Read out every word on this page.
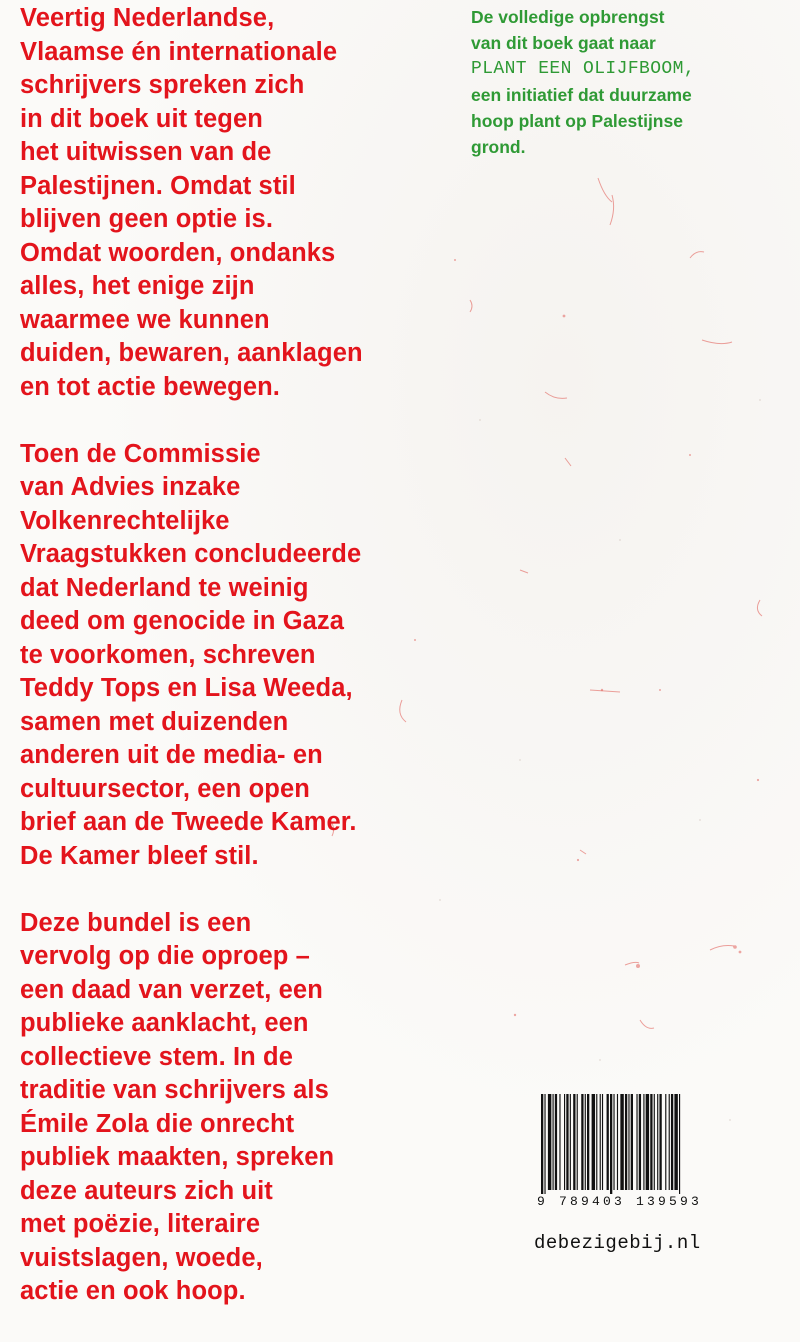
Veertig Nederlandse,
Vlaamse én internationale
schrijvers spreken zich
in dit boek uit tegen
het uitwissen van de
Palestijnen. Omdat stil
blijven geen optie is.
Omdat woorden, ondanks
alles, het enige zijn
waarmee we kunnen
duiden, bewaren, aanklagen
en tot actie bewegen.

Toen de Commissie
van Advies inzake
Volkenrechtelijke
Vraagstukken concludeerde
dat Nederland te weinig
deed om genocide in Gaza
te voorkomen, schreven
Teddy Tops en Lisa Weeda,
samen met duizenden
anderen uit de media- en
cultuursector, een open
brief aan de Tweede Kamer.
De Kamer bleef stil.

Deze bundel is een
vervolg op die oproep –
een daad van verzet, een
publieke aanklacht, een
collectieve stem. In de
traditie van schrijvers als
Émile Zola die onrecht
publiek maakten, spreken
deze auteurs zich uit
met poëzie, literaire
vuistslagen, woede,
actie en ook hoop.

De volledige opbrengst
van dit boek gaat naar
PLANT EEN OLIJFBOOM,
een initiatief dat duurzame
hoop plant op Palestijnse
grond.
9 789403 139593
debezigebij.nl
